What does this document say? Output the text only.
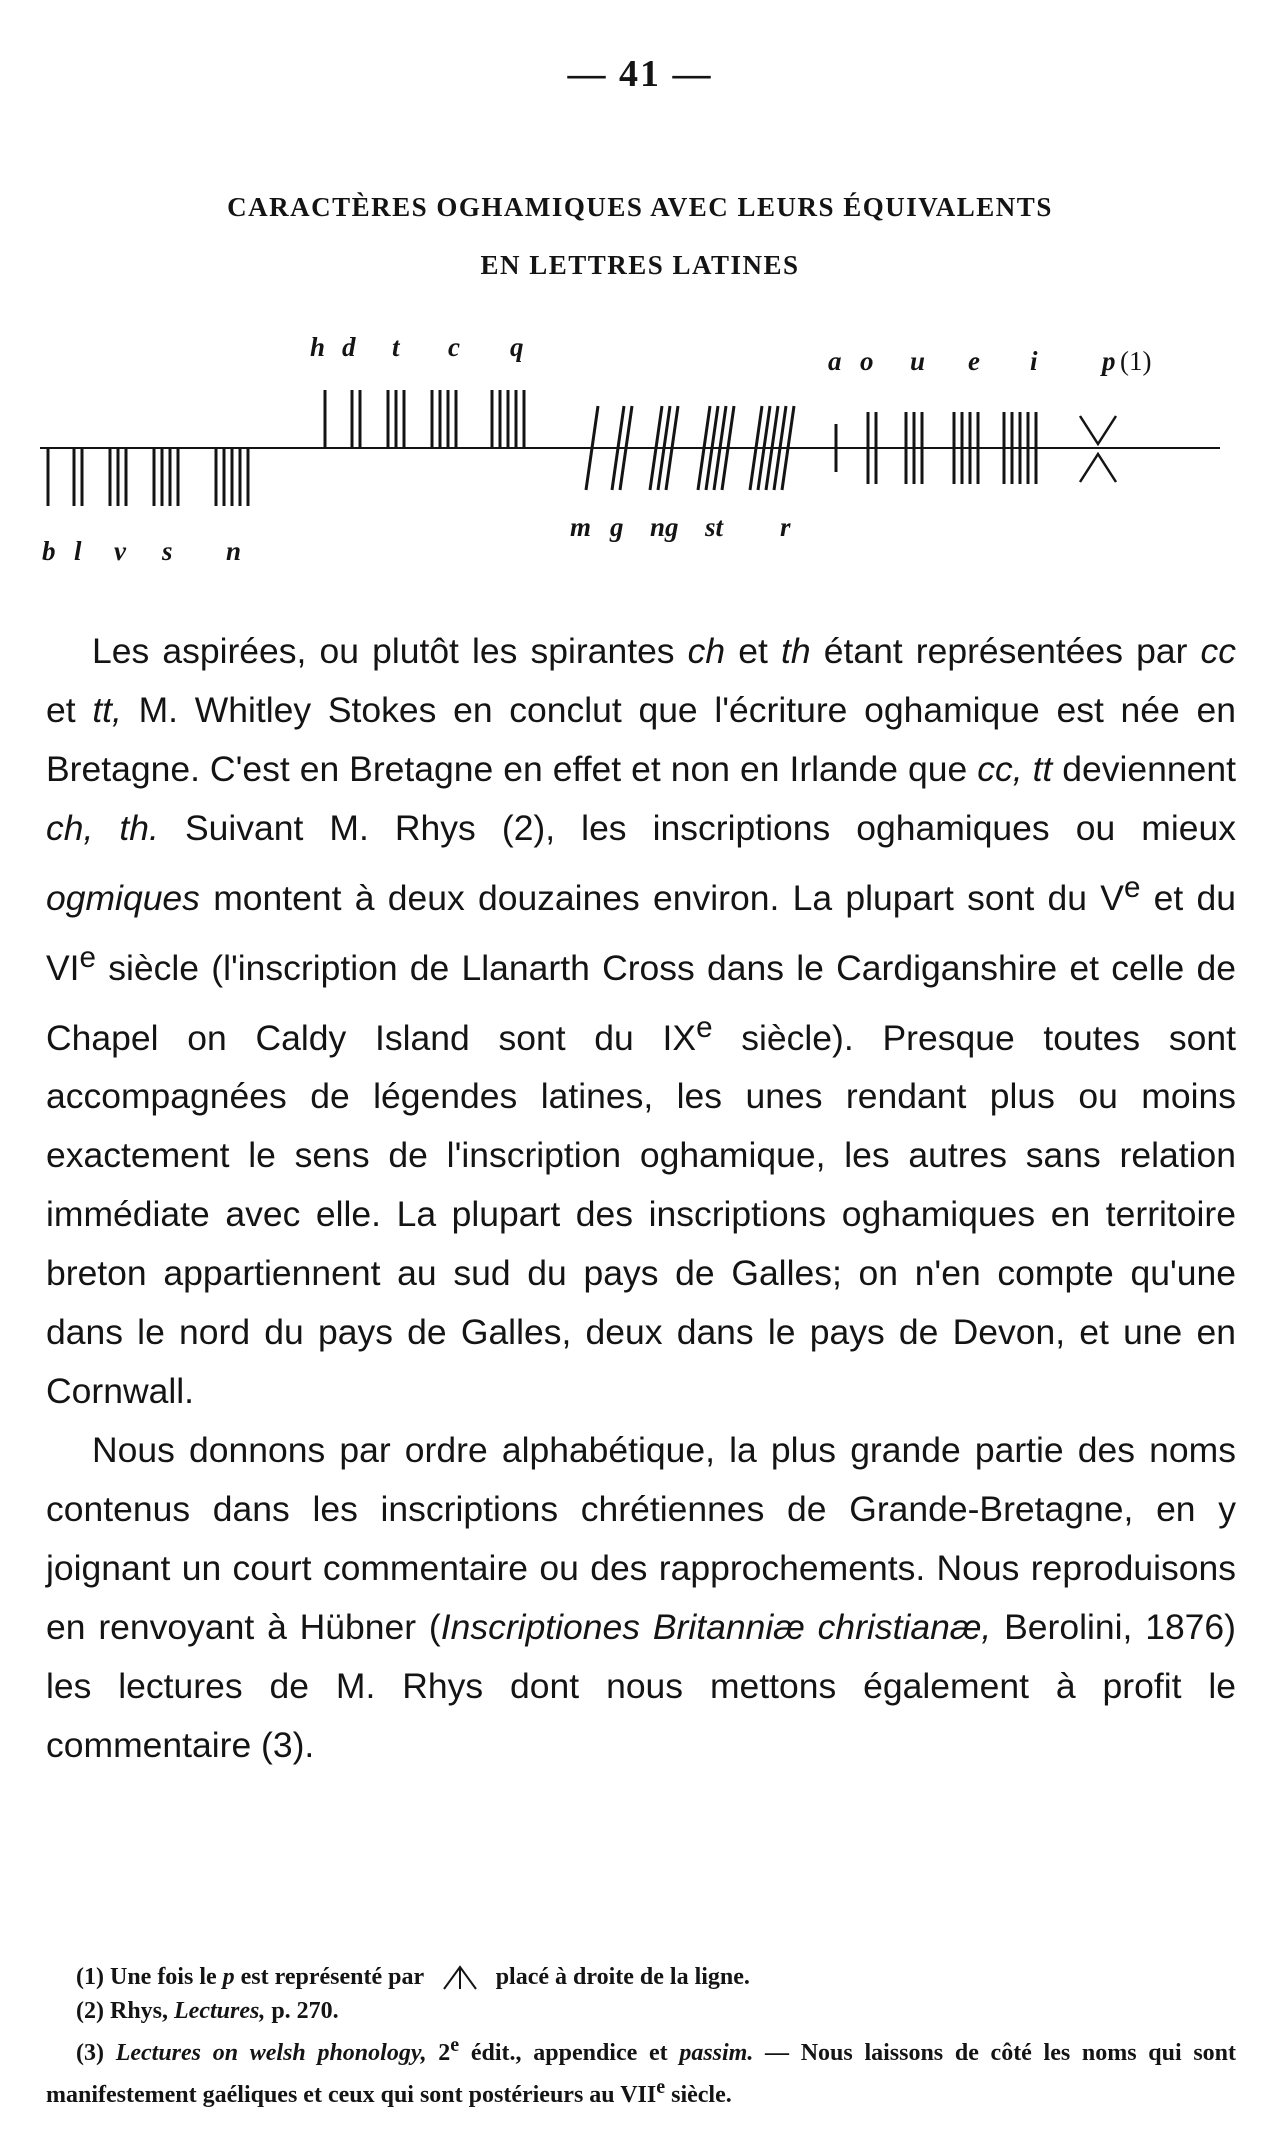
— 41 —
CARACTÈRES OGHAMIQUES AVEC LEURS ÉQUIVALENTS
EN LETTRES LATINES
h d t c q
b l v s n
m g ng st r
a o u e i p (1)

Les aspirées, ou plutôt les spirantes ch et th étant représentées par cc et tt, M. Whitley Stokes en conclut que l'écriture oghamique est née en Bretagne. C'est en Bretagne en effet et non en Irlande que cc, tt deviennent ch, th. Suivant M. Rhys (2), les inscriptions oghamiques ou mieux ogmiques montent à deux douzaines environ. La plupart sont du Ve et du VIe siècle (l'inscription de Llanarth Cross dans le Cardiganshire et celle de Chapel on Caldy Island sont du IXe siècle). Presque toutes sont accompagnées de légendes latines, les unes rendant plus ou moins exactement le sens de l'inscription oghamique, les autres sans relation immédiate avec elle. La plupart des inscriptions oghamiques en territoire breton appartiennent au sud du pays de Galles; on n'en compte qu'une dans le nord du pays de Galles, deux dans le pays de Devon, et une en Cornwall.

Nous donnons par ordre alphabétique, la plus grande partie des noms contenus dans les inscriptions chrétiennes de Grande-Bretagne, en y joignant un court commentaire ou des rapprochements. Nous reproduisons en renvoyant à Hübner (Inscriptiones Britanniæ christianæ, Berolini, 1876) les lectures de M. Rhys dont nous mettons également à profit le commentaire (3).

(1) Une fois le p est représenté par	placé à droite de la ligne.

(2) Rhys, Lectures, p. 270.

(3) Lectures on welsh phonology, 2e édit., appendice et passim. — Nous laissons de côté les noms qui sont manifestement gaéliques et ceux qui sont postérieurs au VIIe siècle.
